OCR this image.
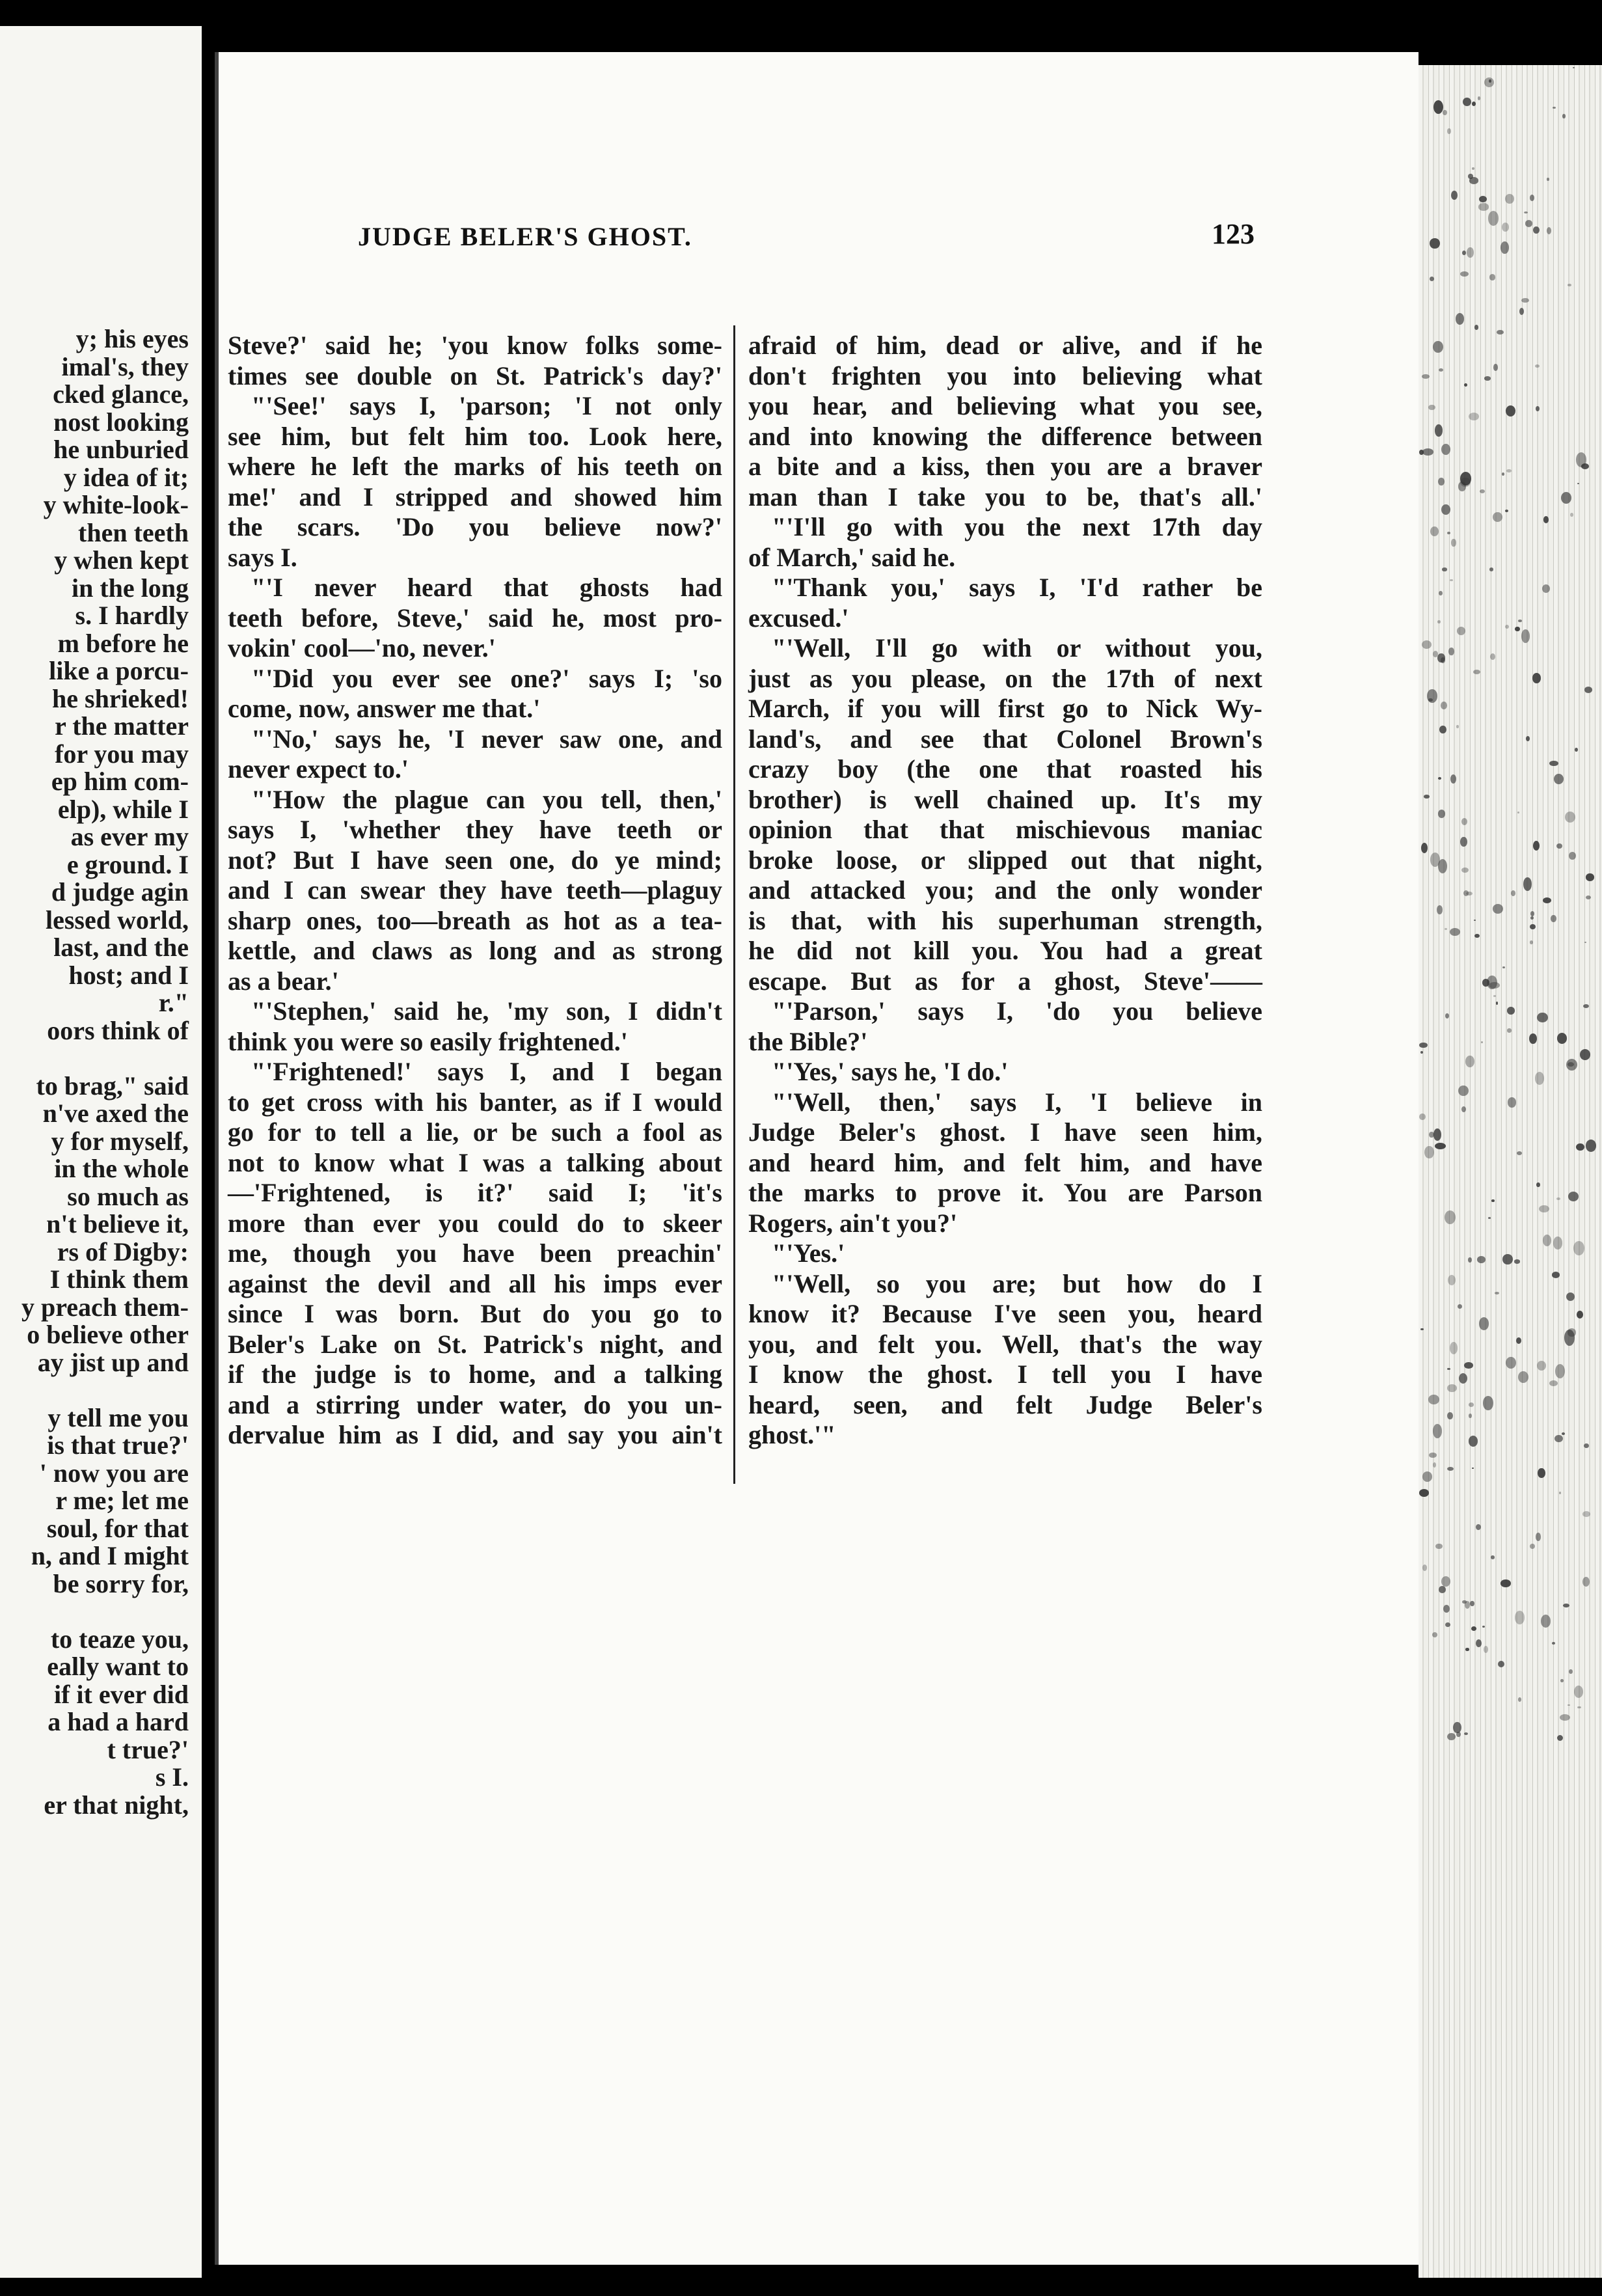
y; his eyes
imal's, they
cked glance,
nost looking
he unburied
y idea of it;
y white-look-
then teeth
y when kept
in the long
s. I hardly
m before he
like a porcu-
he shrieked!
r the matter
for you may
ep him com-
elp), while I
as ever my
e ground. I
d judge agin
lessed world,
last, and the
host; and I
r."
oors think of

to brag," said
n've axed the
y for myself,
in the whole
so much as
n't believe it,
rs of Digby:
I think them
y preach them-
o believe other
ay jist up and

y tell me you
is that true?'
' now you are
r me; let me
soul, for that
n, and I might
be sorry for,

to teaze you,
eally want to
if it ever did
a had a hard
t true?'
s I.
er that night,
JUDGE BELER'S GHOST.	123
Steve?' said he; 'you know folks some-
times see double on St. Patrick's day?'
"'See!' says I, 'parson; 'I not only
see him, but felt him too. Look here,
where he left the marks of his teeth on
me!' and I stripped and showed him
the scars. 'Do you believe now?'
says I.
"'I never heard that ghosts had
teeth before, Steve,' said he, most pro-
vokin' cool—'no, never.'
"'Did you ever see one?' says I; 'so
come, now, answer me that.'
"'No,' says he, 'I never saw one, and
never expect to.'
"'How the plague can you tell, then,'
says I, 'whether they have teeth or
not? But I have seen one, do ye mind;
and I can swear they have teeth—plaguy
sharp ones, too—breath as hot as a tea-
kettle, and claws as long and as strong
as a bear.'
"'Stephen,' said he, 'my son, I didn't
think you were so easily frightened.'
"'Frightened!' says I, and I began
to get cross with his banter, as if I would
go for to tell a lie, or be such a fool as
not to know what I was a talking about
—'Frightened, is it?' said I; 'it's
more than ever you could do to skeer
me, though you have been preachin'
against the devil and all his imps ever
since I was born. But do you go to
Beler's Lake on St. Patrick's night, and
if the judge is to home, and a talking
and a stirring under water, do you un-
dervalue him as I did, and say you ain't
afraid of him, dead or alive, and if he
don't frighten you into believing what
you hear, and believing what you see,
and into knowing the difference between
a bite and a kiss, then you are a braver
man than I take you to be, that's all.'
"'I'll go with you the next 17th day
of March,' said he.
"'Thank you,' says I, 'I'd rather be
excused.'
"'Well, I'll go with or without you,
just as you please, on the 17th of next
March, if you will first go to Nick Wy-
land's, and see that Colonel Brown's
crazy boy (the one that roasted his
brother) is well chained up. It's my
opinion that that mischievous maniac
broke loose, or slipped out that night,
and attacked you; and the only wonder
is that, with his superhuman strength,
he did not kill you. You had a great
escape. But as for a ghost, Steve'——
"'Parson,' says I, 'do you believe
the Bible?'
"'Yes,' says he, 'I do.'
"'Well, then,' says I, 'I believe in
Judge Beler's ghost. I have seen him,
and heard him, and felt him, and have
the marks to prove it. You are Parson
Rogers, ain't you?'
"'Yes.'
"'Well, so you are; but how do I
know it? Because I've seen you, heard
you, and felt you. Well, that's the way
I know the ghost. I tell you I have
heard, seen, and felt Judge Beler's
ghost.'"
